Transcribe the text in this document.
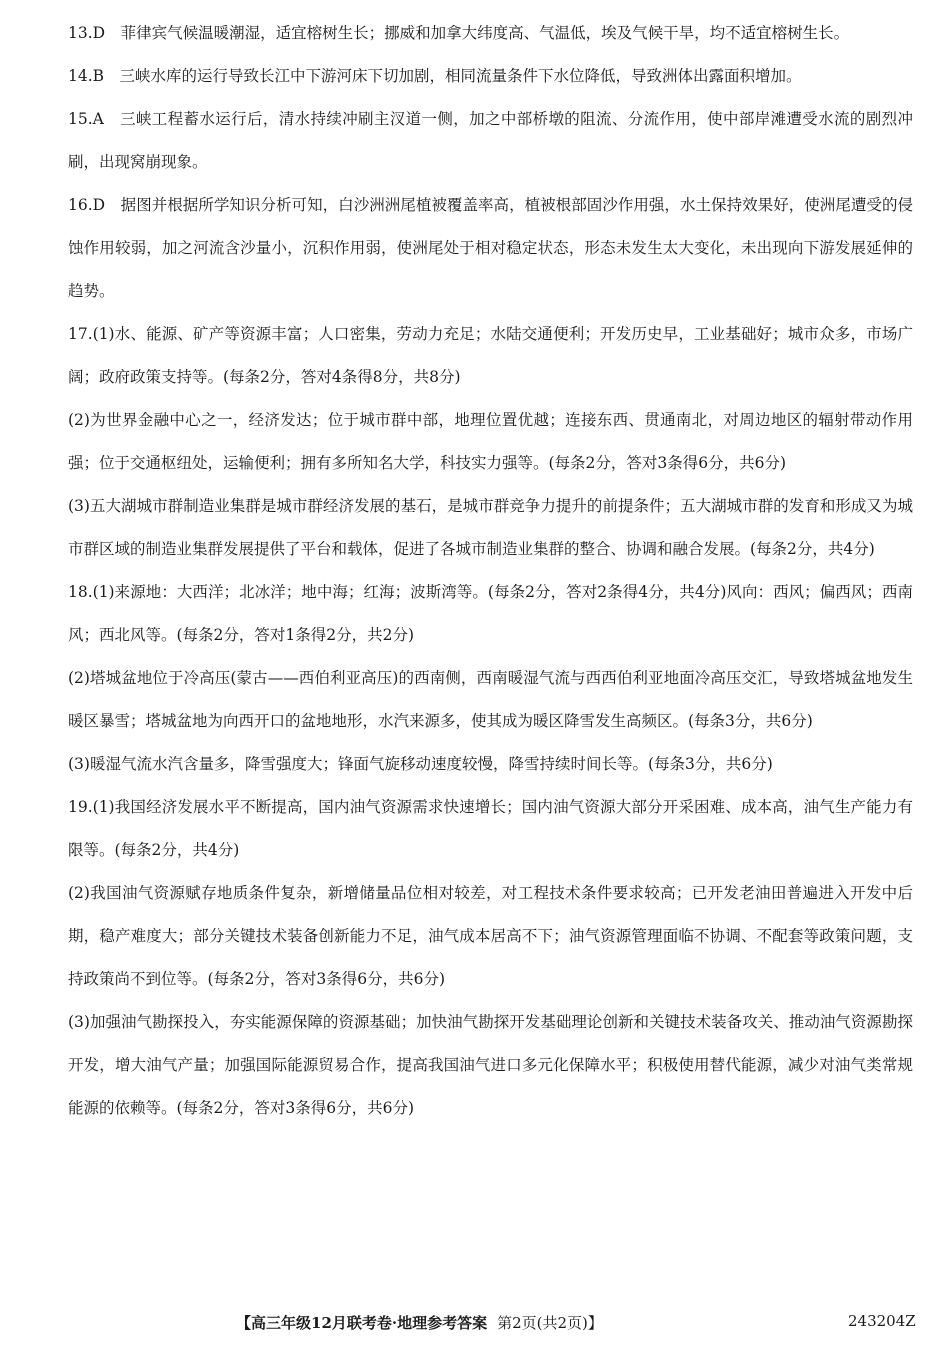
13.D　菲律宾气候温暖潮湿，适宜榕树生长；挪威和加拿大纬度高、气温低，埃及气候干旱，均不适宜榕树生长。

14.B　三峡水库的运行导致长江中下游河床下切加剧，相同流量条件下水位降低，导致洲体出露面积增加。

15.A　三峡工程蓄水运行后，清水持续冲刷主汊道一侧，加之中部桥墩的阻流、分流作用，使中部岸滩遭受水流的剧烈冲刷，出现窝崩现象。

16.D　据图并根据所学知识分析可知，白沙洲洲尾植被覆盖率高，植被根部固沙作用强，水土保持效果好，使洲尾遭受的侵蚀作用较弱，加之河流含沙量小，沉积作用弱，使洲尾处于相对稳定状态，形态未发生太大变化，未出现向下游发展延伸的趋势。

17.(1)水、能源、矿产等资源丰富；人口密集，劳动力充足；水陆交通便利；开发历史早，工业基础好；城市众多，市场广阔；政府政策支持等。(每条2分，答对4条得8分，共8分)

(2)为世界金融中心之一，经济发达；位于城市群中部，地理位置优越；连接东西、贯通南北，对周边地区的辐射带动作用强；位于交通枢纽处，运输便利；拥有多所知名大学，科技实力强等。(每条2分，答对3条得6分，共6分)

(3)五大湖城市群制造业集群是城市群经济发展的基石，是城市群竞争力提升的前提条件；五大湖城市群的发育和形成又为城市群区域的制造业集群发展提供了平台和载体，促进了各城市制造业集群的整合、协调和融合发展。(每条2分，共4分)

18.(1)来源地：大西洋；北冰洋；地中海；红海；波斯湾等。(每条2分，答对2条得4分，共4分)风向：西风；偏西风；西南风；西北风等。(每条2分，答对1条得2分，共2分)

(2)塔城盆地位于冷高压(蒙古——西伯利亚高压)的西南侧，西南暖湿气流与西西伯利亚地面冷高压交汇，导致塔城盆地发生暖区暴雪；塔城盆地为向西开口的盆地地形，水汽来源多，使其成为暖区降雪发生高频区。(每条3分，共6分)

(3)暖湿气流水汽含量多，降雪强度大；锋面气旋移动速度较慢，降雪持续时间长等。(每条3分，共6分)

19.(1)我国经济发展水平不断提高，国内油气资源需求快速增长；国内油气资源大部分开采困难、成本高，油气生产能力有限等。(每条2分，共4分)

(2)我国油气资源赋存地质条件复杂，新增储量品位相对较差，对工程技术条件要求较高；已开发老油田普遍进入开发中后期，稳产难度大；部分关键技术装备创新能力不足，油气成本居高不下；油气资源管理面临不协调、不配套等政策问题，支持政策尚不到位等。(每条2分，答对3条得6分，共6分)

(3)加强油气勘探投入，夯实能源保障的资源基础；加快油气勘探开发基础理论创新和关键技术装备攻关、推动油气资源勘探开发，增大油气产量；加强国际能源贸易合作，提高我国油气进口多元化保障水平；积极使用替代能源，减少对油气类常规能源的依赖等。(每条2分，答对3条得6分，共6分)

【高三年级12月联考卷·地理参考答案 第2页(共2页)】	243204Z
